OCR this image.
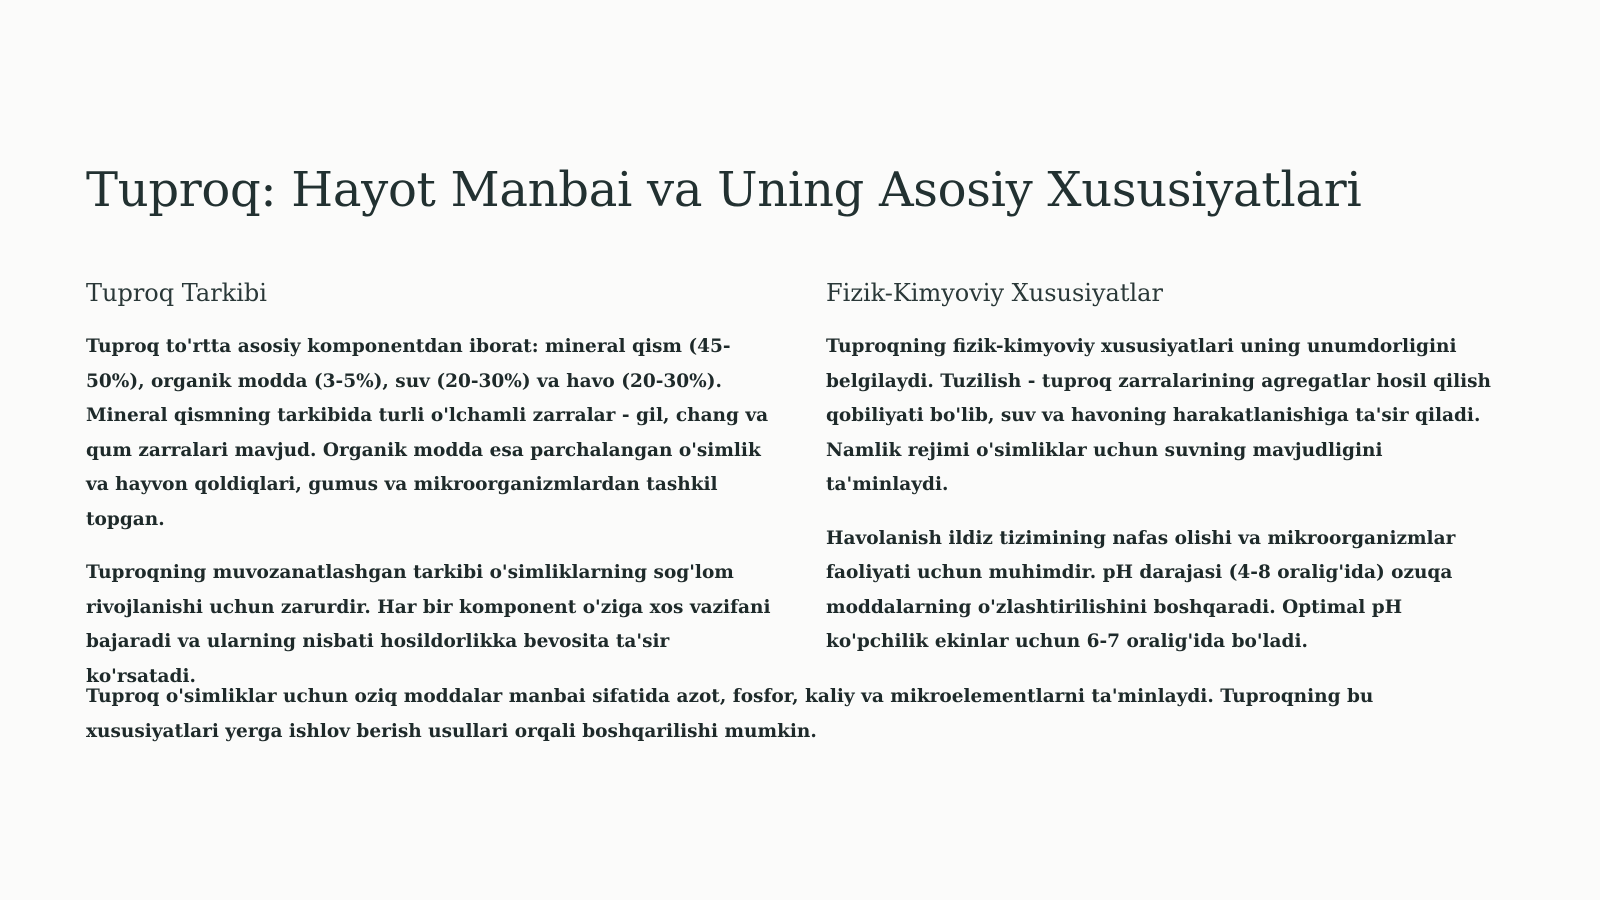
Tuproq: Hayot Manbai va Uning Asosiy Xususiyatlari
Tuproq Tarkibi

Tuproq to'rtta asosiy komponentdan iborat: mineral qism (45-50%), organik modda (3-5%), suv (20-30%) va havo (20-30%). Mineral qismning tarkibida turli o'lchamli zarralar - gil, chang va qum zarralari mavjud. Organik modda esa parchalangan o'simlik va hayvon qoldiqlari, gumus va mikroorganizmlardan tashkil topgan.

Tuproqning muvozanatlashgan tarkibi o'simliklarning sog'lom rivojlanishi uchun zarurdir. Har bir komponent o'ziga xos vazifani bajaradi va ularning nisbati hosildorlikka bevosita ta'sir ko'rsatadi.

Fizik-Kimyoviy Xususiyatlar

Tuproqning fizik-kimyoviy xususiyatlari uning unumdorligini belgilaydi. Tuzilish - tuproq zarralarining agregatlar hosil qilish qobiliyati bo'lib, suv va havoning harakatlanishiga ta'sir qiladi. Namlik rejimi o'simliklar uchun suvning mavjudligini ta'minlaydi.

Havolanish ildiz tizimining nafas olishi va mikroorganizmlar faoliyati uchun muhimdir. pH darajasi (4-8 oralig'ida) ozuqa moddalarning o'zlashtirilishini boshqaradi. Optimal pH ko'pchilik ekinlar uchun 6-7 oralig'ida bo'ladi.

Tuproq o'simliklar uchun oziq moddalar manbai sifatida azot, fosfor, kaliy va mikroelementlarni ta'minlaydi. Tuproqning bu xususiyatlari yerga ishlov berish usullari orqali boshqarilishi mumkin.
